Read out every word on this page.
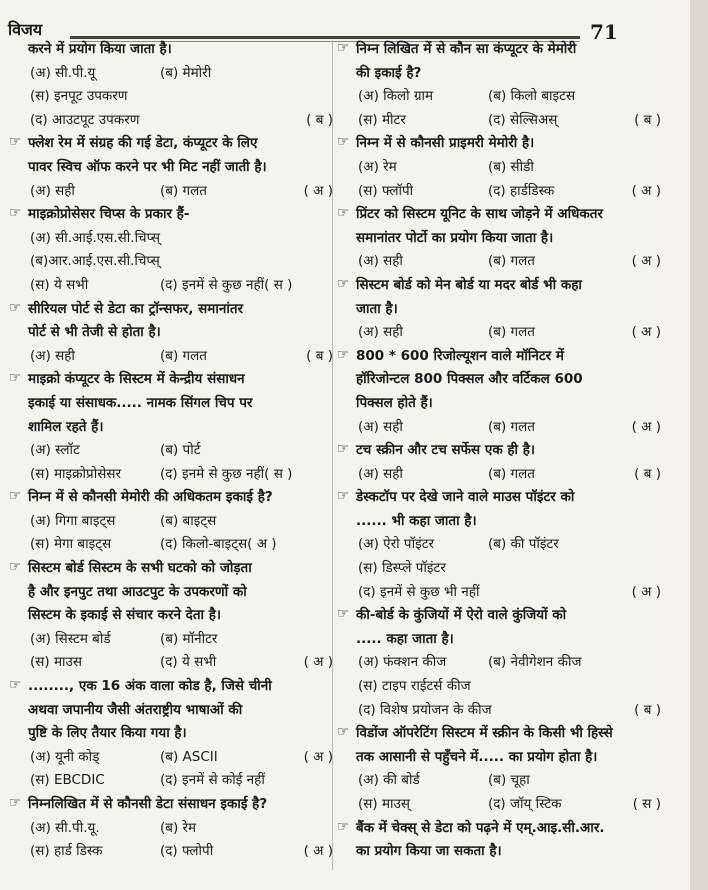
विजय	71
करने में प्रयोग किया जाता है।
(अ) सी.पी.यू	(ब) मेमोरी
(स) इनपूट उपकरण
(द) आउटपूट उपकरण	( ब )
☞ फ्लेश रेम में संग्रह की गई डेटा, कंप्यूटर के लिए
पावर स्विच ऑफ करने पर भी मिट नहीं जाती है।
(अ) सही	(ब) गलत	( अ )
☞ माइक्रोप्रोसेसर चिप्स के प्रकार हैं-
(अ) सी.आई.एस.सी.चिप्स्
(ब)आर.आई.एस.सी.चिप्स्
(स) ये सभी	(द) इनमें से कुछ नहीं( स )
☞ सीरियल पोर्ट से डेटा का ट्रॉन्सफर, समानांतर
पोर्ट से भी तेजी से होता है।
(अ) सही	(ब) गलत	( ब )
☞ माइक्रो कंप्यूटर के सिस्टम में केन्द्रीय संसाधन
इकाई या संसाधक..... नामक सिंगल चिप पर
शामिल रहते हैं।
(अ) स्लॉट	(ब) पोर्ट
(स) माइक्रोप्रोसेसर	(द) इनमे से कुछ नहीं( स )
☞ निम्न में से कौनसी मेमोरी की अधिकतम इकाई है?
(अ) गिगा बाइट्स	(ब) बाइट्स
(स) मेगा बाइट्स	(द) किलो-बाइट्स( अ )
☞ सिस्टम बोर्ड सिस्टम के सभी घटको को जोड़ता
है और इनपुट तथा आउटपुट के उपकरणों को
सिस्टम के इकाई से संचार करने देता है।
(अ) सिस्टम बोर्ड	(ब) मॉनीटर
(स) माउस	(द) ये सभी	( अ )
☞ ........, एक 16 अंक वाला कोड है, जिसे चीनी
अथवा जपानीय जैसी अंतराष्ट्रीय भाषाओं की
पुष्टि के लिए तैयार किया गया है।
(अ) यूनी कोड्	(ब) ASCII	( अ )
(स) EBCDIC	(द) इनमें से कोई नहीं
☞ निम्नलिखित में से कौनसी डेटा संसाधन इकाई है?
(अ) सी.पी.यू.	(ब) रेम
(स) हार्ड डिस्क	(द) फ्लोपी	( अ )
☞ निम्न लिखित में से कौन सा कंप्यूटर के मेमोरी
की इकाई है?
(अ) किलो ग्राम	(ब) किलो बाइटस
(स) मीटर	(द) सेल्सिअस्	( ब )
☞ निम्न में से कौनसी प्राइमरी मेमोरी है।
(अ) रेम	(ब) सीडी
(स) फ्लॉपी	(द) हार्डडिस्क	( अ )
☞ प्रिंटर को सिस्टम यूनिट के साथ जोड़ने में अधिकतर
समानांतर पोर्टो का प्रयोग किया जाता है।
(अ) सही	(ब) गलत	( अ )
☞ सिस्टम बोर्ड को मेन बोर्ड या मदर बोर्ड भी कहा
जाता है।
(अ) सही	(ब) गलत	( अ )
☞ 800 * 600 रिजोल्यूशन वाले मॉनिटर में
हॉरिजोन्टल 800 पिक्सल और वर्टिकल 600
पिक्सल होते हैं।
(अ) सही	(ब) गलत	( अ )
☞ टच स्क्रीन और टच सर्फेस एक ही है।
(अ) सही	(ब) गलत	( ब )
☞ डेस्कटॉप पर देखे जाने वाले माउस पॉइंटर को
...... भी कहा जाता है।
(अ) ऐरो पॉइंटर	(ब) की पॉइंटर
(स) डिस्प्ले पॉइंटर
(द) इनमें से कुछ भी नहीं	( अ )
☞ की-बोर्ड के कुंजियों में ऐरो वाले कुंजियों को
..... कहा जाता है।
(अ) फंक्शन कीज	(ब) नेवीगेशन कीज
(स) टाइप राईटर्स कीज
(द) विशेष प्रयोजन के कीज	( ब )
☞ विडोंज ऑपरेटिंग सिस्टम में स्क्रीन के किसी भी हिस्से
तक आसानी से पहुँचने में..... का प्रयोग होता है।
(अ) की बोर्ड	(ब) चूहा
(स) माउस्	(द) जॉय् स्टिक	( स )
☞ बैंक में चेक्स् से डेटा को पढ़ने में एम्.आइ.सी.आर.
का प्रयोग किया जा सकता है।
